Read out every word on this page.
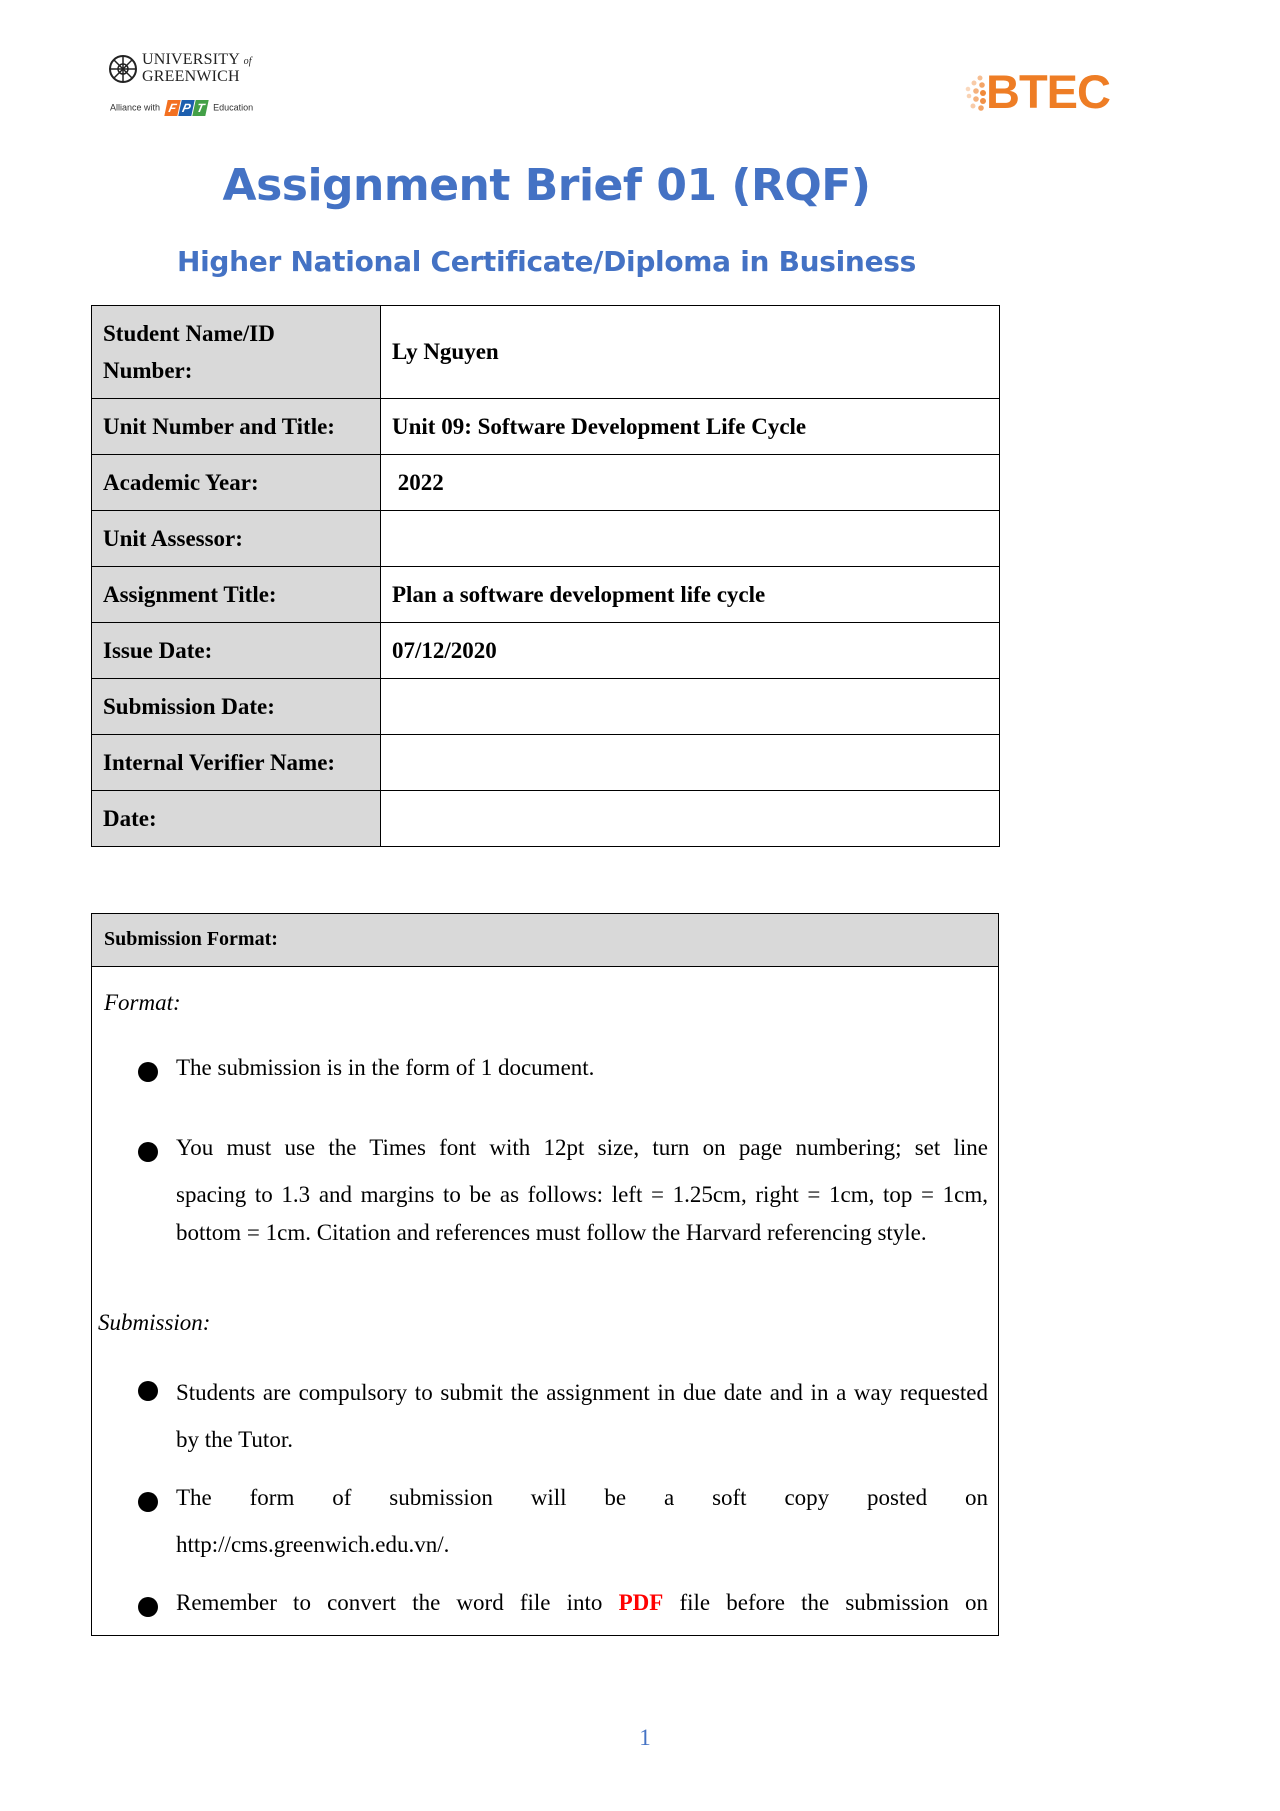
UNIVERSITY of
GREENWICH
Alliance with F P T Education	BTEC
Assignment Brief 01 (RQF)
Higher National Certificate/Diploma in Business
Student Name/ID
Number:	Ly Nguyen
Unit Number and Title:	Unit 09: Software Development Life Cycle
Academic Year:	2022
Unit Assessor:	
Assignment Title:	Plan a software development life cycle
Issue Date:	07/12/2020
Submission Date:	
Internal Verifier Name:	
Date:	
Submission Format:
Format:
The submission is in the form of 1 document.
You must use the Times font with 12pt size, turn on page numbering; set line
spacing to 1.3 and margins to be as follows: left = 1.25cm, right = 1cm, top = 1cm, bottom = 1cm. Citation and references must follow the Harvard referencing style.
Submission:
Students are compulsory to submit the assignment in due date and in a way requested by the Tutor.
The form of submission will be a soft copy posted on
http://cms.greenwich.edu.vn/.
Remember to convert the word file into PDF file before the submission on
1
